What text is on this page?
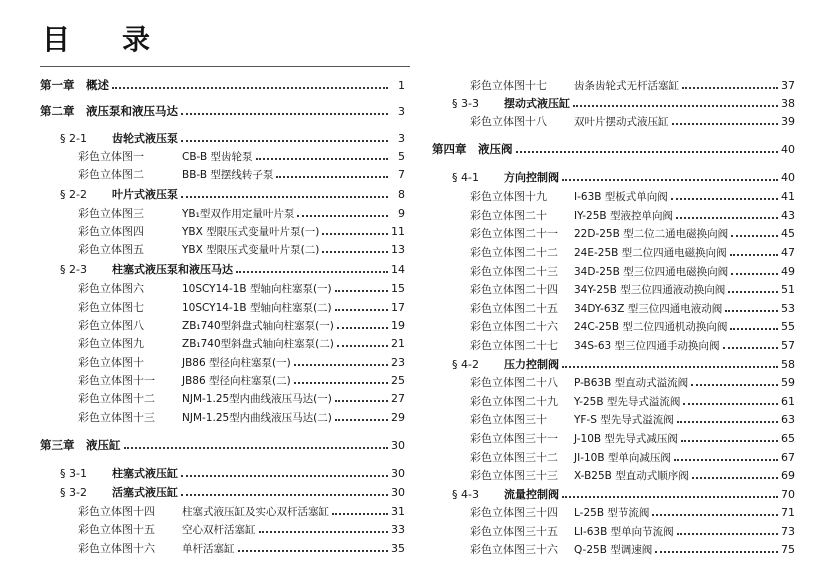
目 录
第一章 概述	1
第二章 液压泵和液压马达	3
§ 2-1 齿轮式液压泵	3
彩色立体图一	CB-B 型齿轮泵	5
彩色立体图二	BB-B 型摆线转子泵	7
§ 2-2 叶片式液压泵	8
彩色立体图三	YB₁型双作用定量叶片泵	9
彩色立体图四	YBX 型限压式变量叶片泵(一)	11
彩色立体图五	YBX 型限压式变量叶片泵(二)	13
§ 2-3 柱塞式液压泵和液压马达	14
彩色立体图六	10SCY14-1B 型轴向柱塞泵(一)	15
彩色立体图七	10SCY14-1B 型轴向柱塞泵(二)	17
彩色立体图八	ZB₁740型斜盘式轴向柱塞泵(一)	19
彩色立体图九	ZB₁740型斜盘式轴向柱塞泵(二)	21
彩色立体图十	JB86 型径向柱塞泵(一)	23
彩色立体图十一	JB86 型径向柱塞泵(二)	25
彩色立体图十二	NJM-1.25型内曲线液压马达(一)	27
彩色立体图十三	NJM-1.25型内曲线液压马达(二)	29
第三章 液压缸	30
§ 3-1 柱塞式液压缸	30
§ 3-2 活塞式液压缸	30
彩色立体图十四	柱塞式液压缸及实心双杆活塞缸	31
彩色立体图十五	空心双杆活塞缸	33
彩色立体图十六	单杆活塞缸	35
彩色立体图十七	齿条齿轮式无杆活塞缸	37
§ 3-3 摆动式液压缸	38
彩色立体图十八	双叶片摆动式液压缸	39
第四章 液压阀	40
§ 4-1 方向控制阀	40
彩色立体图十九	I-63B 型板式单向阀	41
彩色立体图二十	IY-25B 型液控单向阀	43
彩色立体图二十一 22D-25B 型二位二通电磁换向阀	45
彩色立体图二十二 24E-25B 型二位四通电磁换向阀	47
彩色立体图二十三 34D-25B 型三位四通电磁换向阀	49
彩色立体图二十四 34Y-25B 型三位四通液动换向阀	51
彩色立体图二十五 34DY-63Z 型三位四通电液动阀	53
彩色立体图二十六 24C-25B 型二位四通机动换向阀	55
彩色立体图二十七 34S-63 型三位四通手动换向阀	57
§ 4-2 压力控制阀	58
彩色立体图二十八 P-B63B 型直动式溢流阀	59
彩色立体图二十九 Y-25B 型先导式溢流阀	61
彩色立体图三十	YF-S 型先导式溢流阀	63
彩色立体图三十一 J-10B 型先导式减压阀	65
彩色立体图三十二 JI-10B 型单向减压阀	67
彩色立体图三十三 X-B25B 型直动式顺序阀	69
§ 4-3 流量控制阀	70
彩色立体图三十四 L-25B 型节流阀	71
彩色立体图三十五 LI-63B 型单向节流阀	73
彩色立体图三十六 Q-25B 型调速阀	75
